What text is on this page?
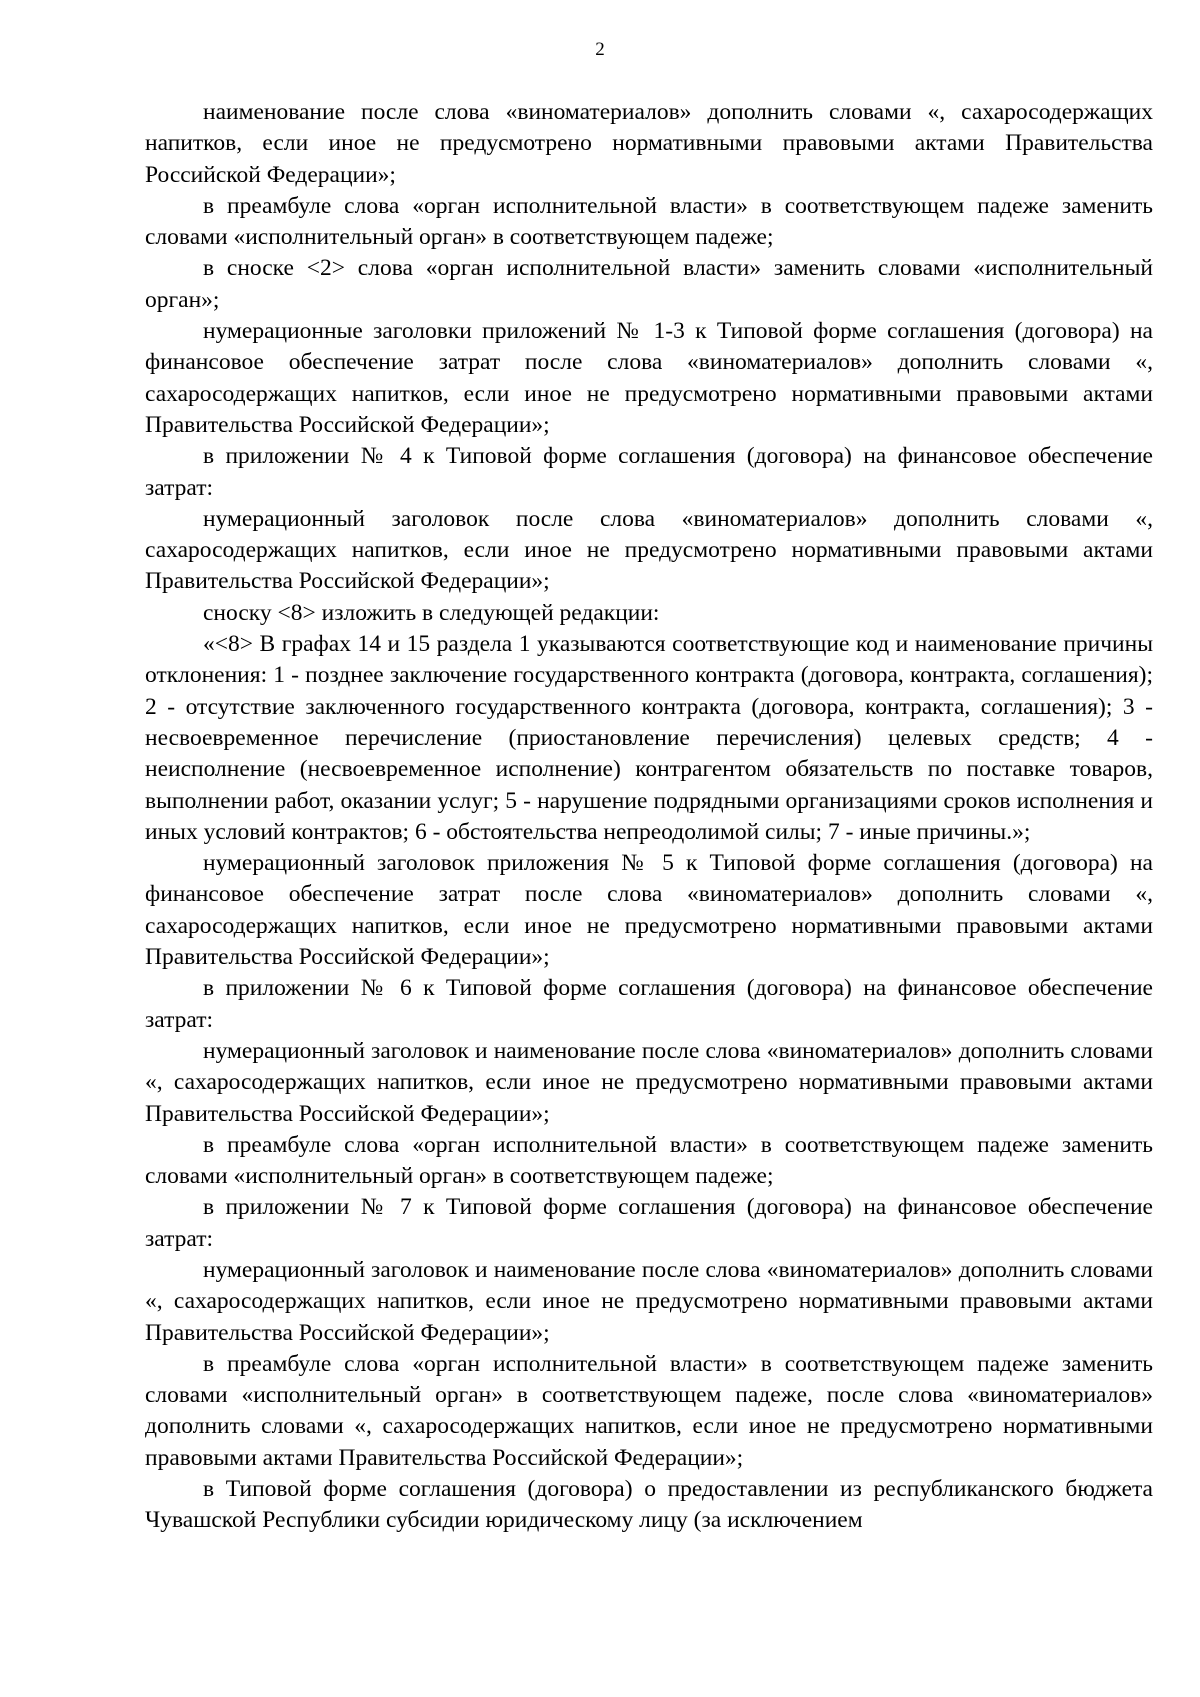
2

наименование после слова «виноматериалов» дополнить словами «, сахаросодержащих напитков, если иное не предусмотрено нормативными правовыми актами Правительства Российской Федерации»;

в преамбуле слова «орган исполнительной власти» в соответствующем падеже заменить словами «исполнительный орган» в соответствующем падеже;

в сноске <2> слова «орган исполнительной власти» заменить словами «исполнительный орган»;

нумерационные заголовки приложений № 1-3 к Типовой форме соглашения (договора) на финансовое обеспечение затрат после слова «виноматериалов» дополнить словами «, сахаросодержащих напитков, если иное не предусмотрено нормативными правовыми актами Правительства Российской Федерации»;

в приложении № 4 к Типовой форме соглашения (договора) на финансовое обеспечение затрат:

нумерационный заголовок после слова «виноматериалов» дополнить словами «, сахаросодержащих напитков, если иное не предусмотрено нормативными правовыми актами Правительства Российской Федерации»;

сноску <8> изложить в следующей редакции:

«<8> В графах 14 и 15 раздела 1 указываются соответствующие код и наименование причины отклонения: 1 - позднее заключение государственного контракта (договора, контракта, соглашения); 2 - отсутствие заключенного государственного контракта (договора, контракта, соглашения); 3 - несвоевременное перечисление (приостановление перечисления) целевых средств; 4 - неисполнение (несвоевременное исполнение) контрагентом обязательств по поставке товаров, выполнении работ, оказании услуг; 5 - нарушение подрядными организациями сроков исполнения и иных условий контрактов; 6 - обстоятельства непреодолимой силы; 7 - иные причины.»;

нумерационный заголовок приложения № 5 к Типовой форме соглашения (договора) на финансовое обеспечение затрат после слова «виноматериалов» дополнить словами «, сахаросодержащих напитков, если иное не предусмотрено нормативными правовыми актами Правительства Российской Федерации»;

в приложении № 6 к Типовой форме соглашения (договора) на финансовое обеспечение затрат:

нумерационный заголовок и наименование после слова «виноматериалов» дополнить словами «, сахаросодержащих напитков, если иное не предусмотрено нормативными правовыми актами Правительства Российской Федерации»;

в преамбуле слова «орган исполнительной власти» в соответствующем падеже заменить словами «исполнительный орган» в соответствующем падеже;

в приложении № 7 к Типовой форме соглашения (договора) на финансовое обеспечение затрат:

нумерационный заголовок и наименование после слова «виноматериалов» дополнить словами «, сахаросодержащих напитков, если иное не предусмотрено нормативными правовыми актами Правительства Российской Федерации»;

в преамбуле слова «орган исполнительной власти» в соответствующем падеже заменить словами «исполнительный орган» в соответствующем падеже, после слова «виноматериалов» дополнить словами «, сахаросодержащих напитков, если иное не предусмотрено нормативными правовыми актами Правительства Российской Федерации»;

в Типовой форме соглашения (договора) о предоставлении из республиканского бюджета Чувашской Республики субсидии юридическому лицу (за исключением
